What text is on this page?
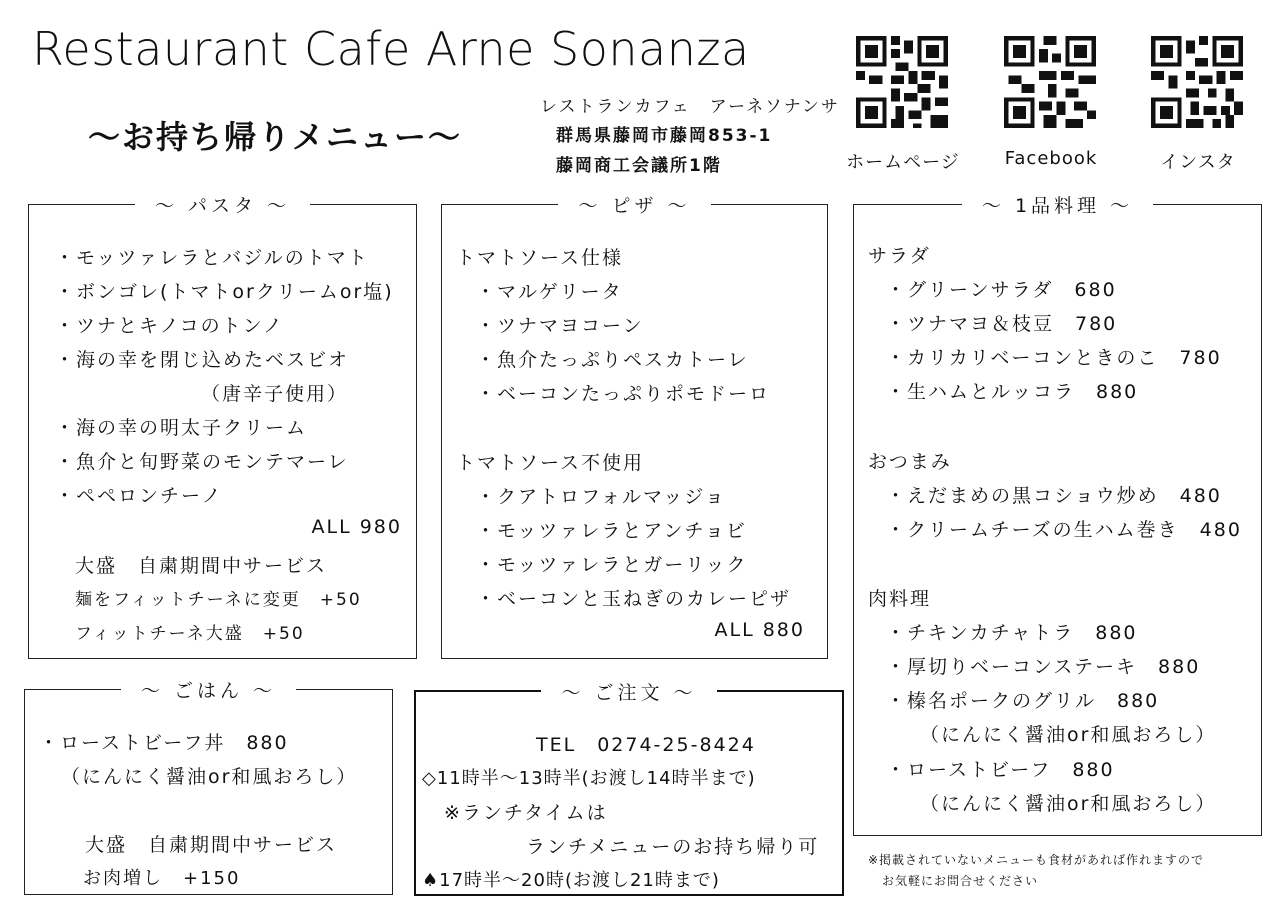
Restaurant Cafe Arne Sonanza
～お持ち帰りメニュー～
レストランカフェ　アーネソナンサ
群馬県藤岡市藤岡853-1
藤岡商工会議所1階	ホームページ	Facebook	インスタ
～ パスタ ～
・モッツァレラとバジルのトマト
・ボンゴレ(トマトorクリームor塩)
・ツナとキノコのトンノ
・海の幸を閉じ込めたベスビオ
（唐辛子使用）
・海の幸の明太子クリーム
・魚介と旬野菜のモンテマーレ
・ペペロンチーノ
ALL 980
大盛　自粛期間中サービス
麺をフィットチーネに変更　+50
フィットチーネ大盛　+50
～ ピザ ～
トマトソース仕様
・マルゲリータ
・ツナマヨコーン
・魚介たっぷりペスカトーレ
・ベーコンたっぷりポモドーロ
トマトソース不使用
・クアトロフォルマッジョ
・モッツァレラとアンチョビ
・モッツァレラとガーリック
・ベーコンと玉ねぎのカレーピザ
ALL 880
～ 1品料理 ～
サラダ
・グリーンサラダ　680
・ツナマヨ＆枝豆　780
・カリカリベーコンときのこ　780
・生ハムとルッコラ　880
おつまみ
・えだまめの黒コショウ炒め　480
・クリームチーズの生ハム巻き　480
肉料理
・チキンカチャトラ　880
・厚切りベーコンステーキ　880
・榛名ポークのグリル　880
（にんにく醤油or和風おろし）
・ローストビーフ　880
（にんにく醤油or和風おろし）
～ ごはん ～
・ローストビーフ丼　880
（にんにく醤油or和風おろし）
大盛　自粛期間中サービス
お肉増し　+150
～ ご注文 ～
TEL　0274-25-8424
◇11時半～13時半(お渡し14時半まで)
※ランチタイムは
ランチメニューのお持ち帰り可
♠17時半～20時(お渡し21時まで)
※掲載されていないメニューも食材があれば作れますので
お気軽にお問合せください
